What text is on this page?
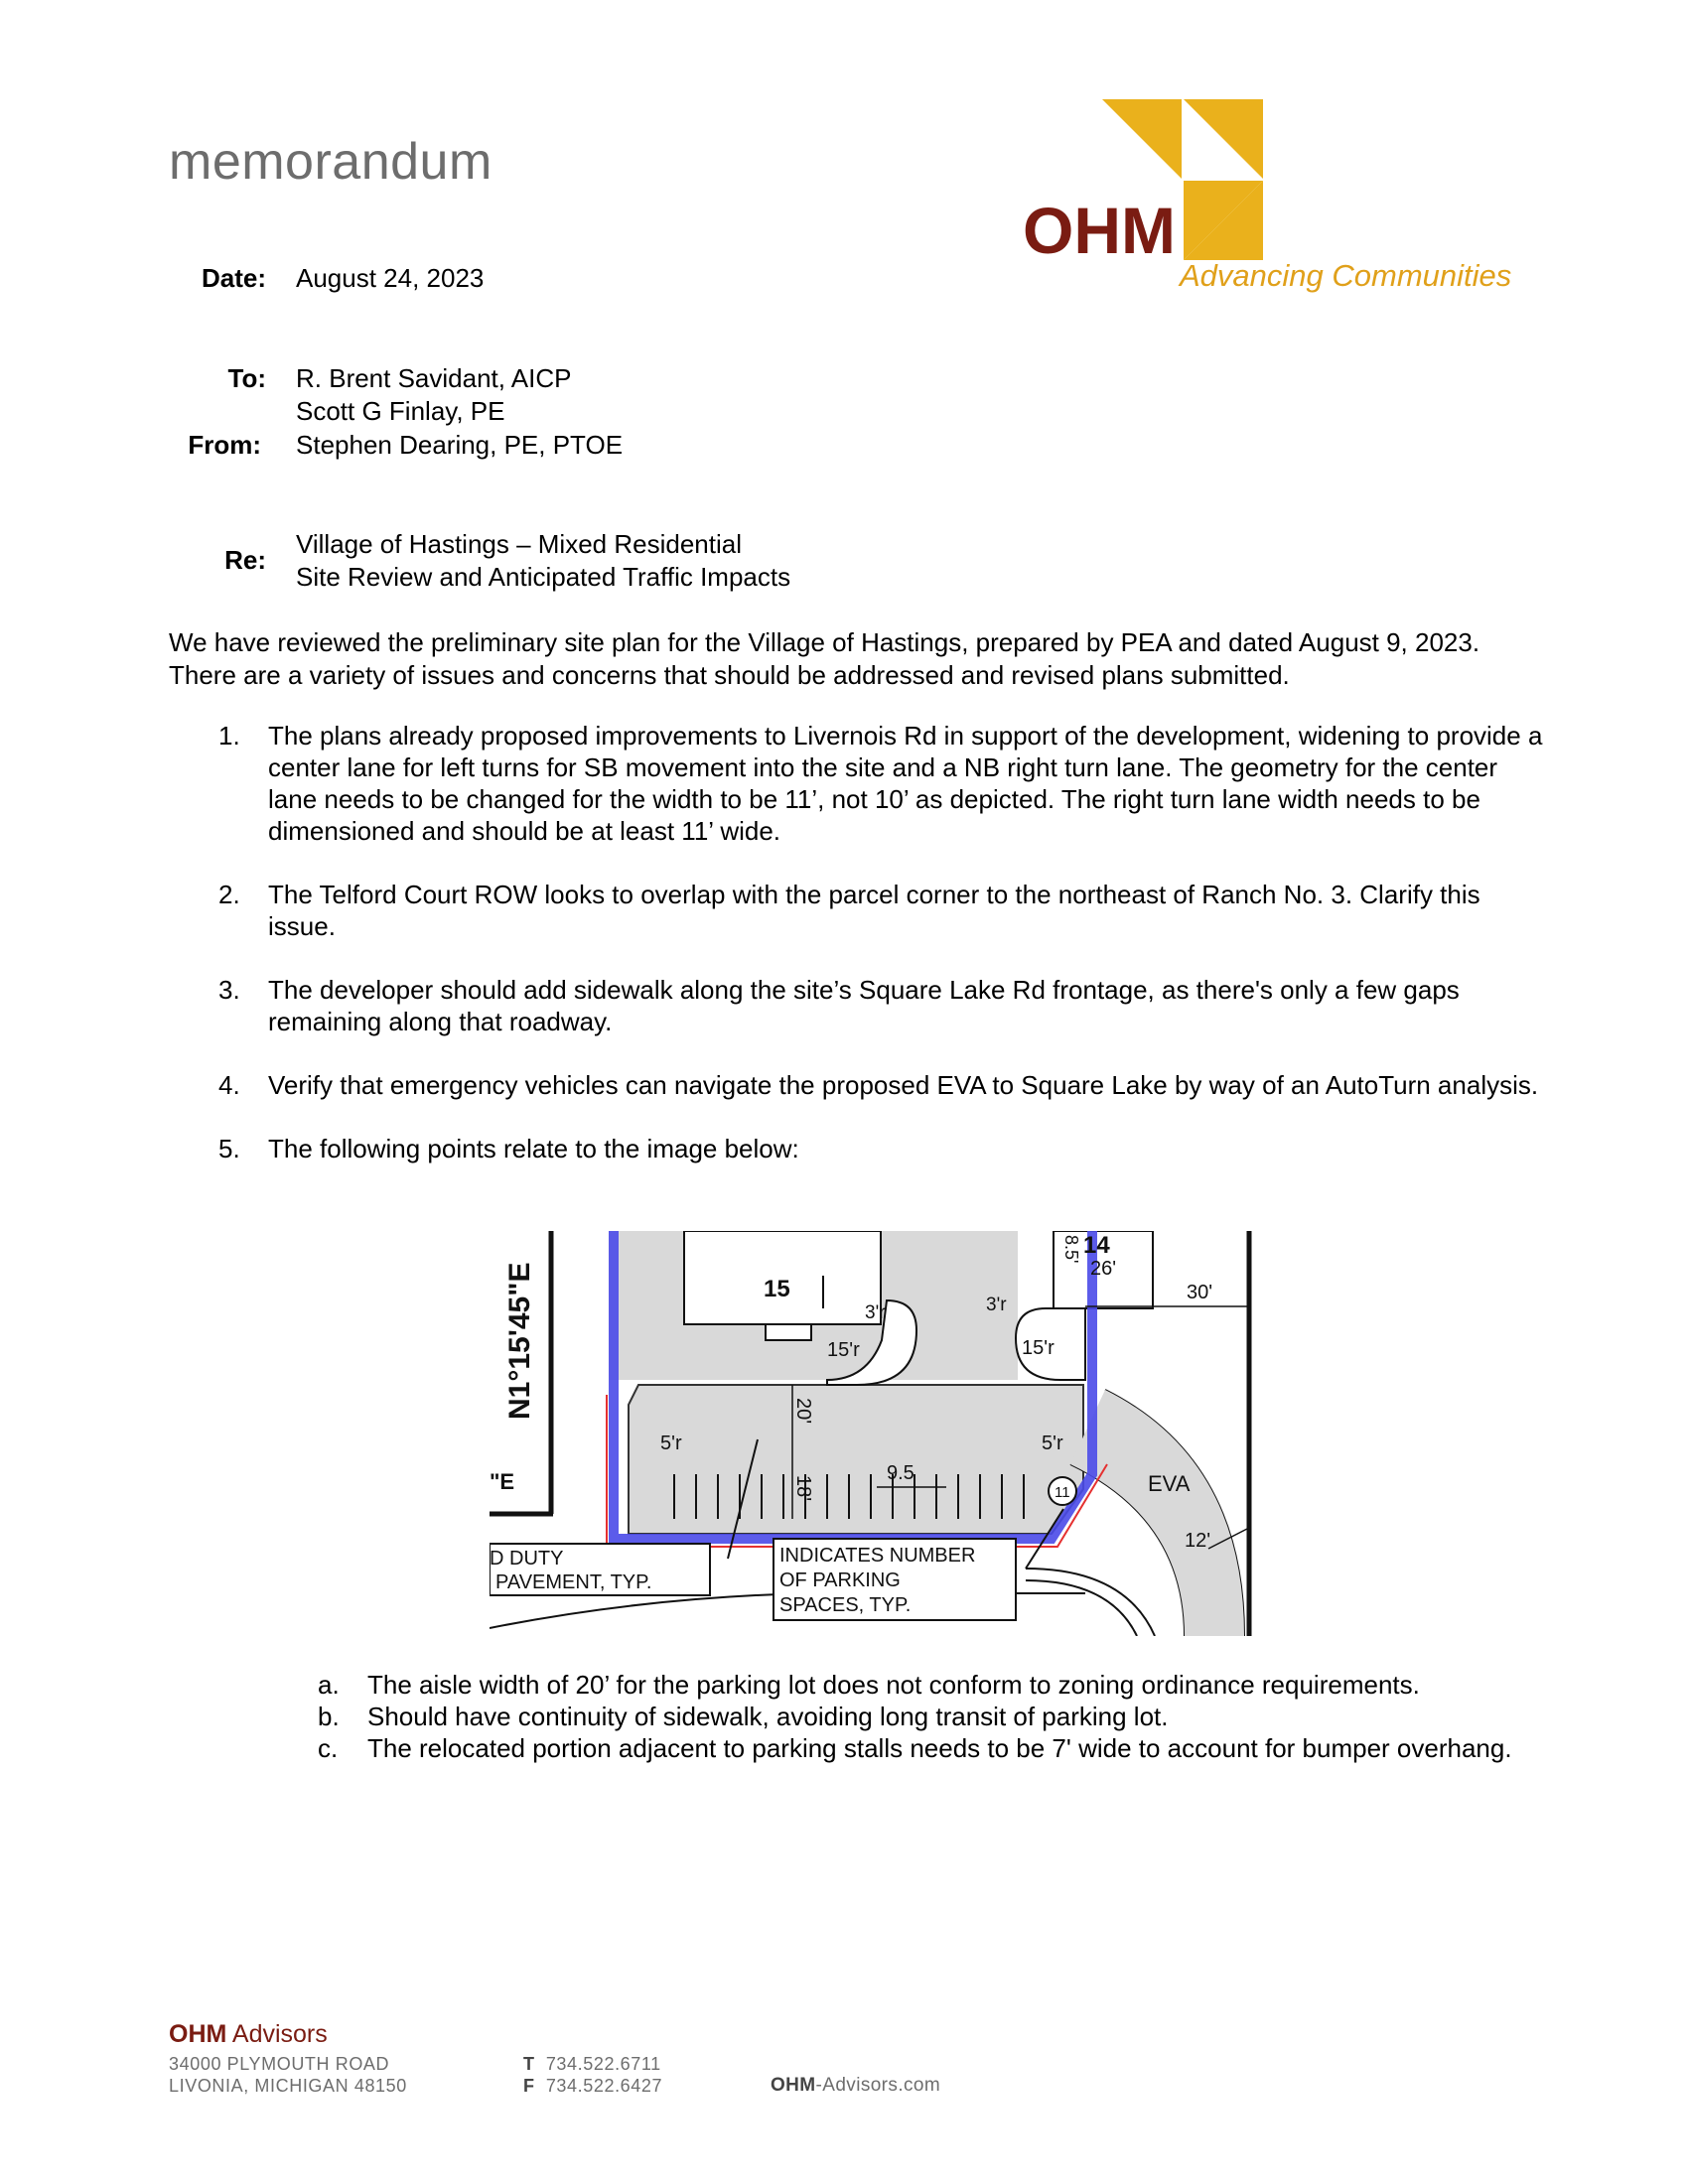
memorandum
OHM
Advancing Communities
Date: August 24, 2023
To: R. Brent Savidant, AICP
Scott G Finlay, PE
From: Stephen Dearing, PE, PTOE
Re:
Village of Hastings – Mixed Residential
Site Review and Anticipated Traffic Impacts
We have reviewed the preliminary site plan for the Village of Hastings, prepared by PEA and dated August 9, 2023. There are a variety of issues and concerns that should be addressed and revised plans submitted.
1. The plans already proposed improvements to Livernois Rd in support of the development, widening to provide a center lane for left turns for SB movement into the site and a NB right turn lane. The geometry for the center lane needs to be changed for the width to be 11’, not 10’ as depicted. The right turn lane width needs to be dimensioned and should be at least 11’ wide.
2. The Telford Court ROW looks to overlap with the parcel corner to the northeast of Ranch No. 3. Clarify this issue.
3. The developer should add sidewalk along the site’s Square Lake Rd frontage, as there's only a few gaps remaining along that roadway.
4. Verify that emergency vehicles can navigate the proposed EVA to Square Lake by way of an AutoTurn analysis.
5. The following points relate to the image below:
N1°15'45"E
"E
15
14
8.5'
26'
30'
3'r	3'r
15'r	15'r
20'
5'r	5'r
18'
9.5
11	EVA
12'
D DUTY
PAVEMENT, TYP.
INDICATES NUMBER
OF PARKING
SPACES, TYP.
a. The aisle width of 20’ for the parking lot does not conform to zoning ordinance requirements.
b. Should have continuity of sidewalk, avoiding long transit of parking lot.
c. The relocated portion adjacent to parking stalls needs to be 7' wide to account for bumper overhang.
OHM Advisors
34000 PLYMOUTH ROAD
LIVONIA, MICHIGAN 48150
T 734.522.6711
F 734.522.6427	OHM-Advisors.com
